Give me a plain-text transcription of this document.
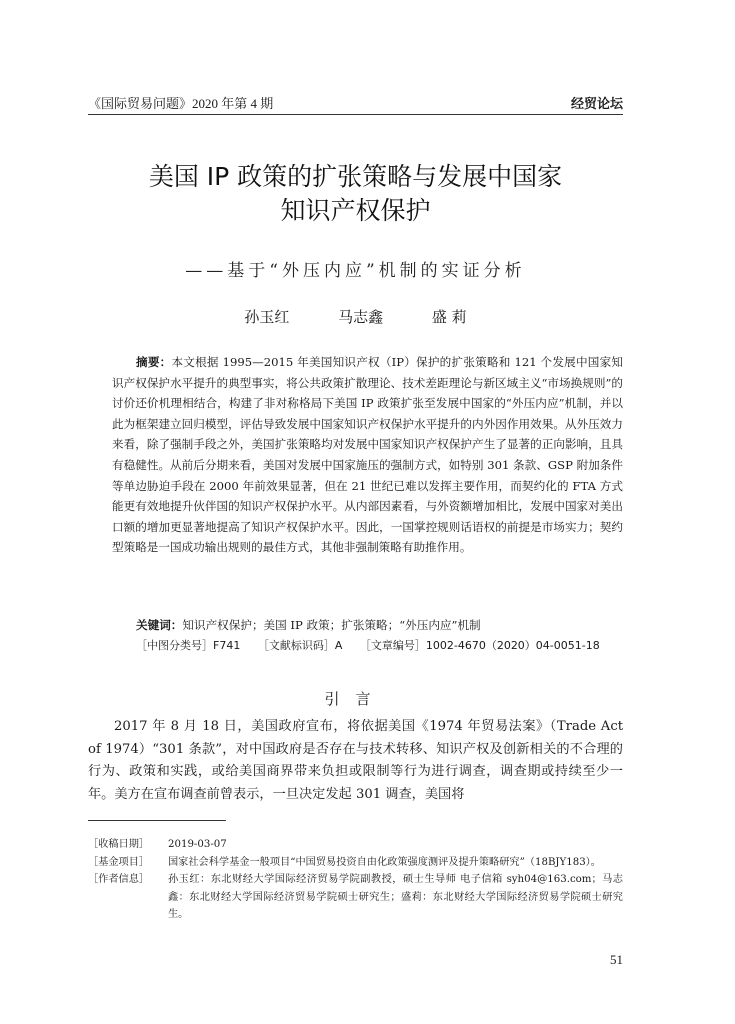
《国际贸易问题》2020 年第 4 期	经贸论坛
美国 IP 政策的扩张策略与发展中国家
知识产权保护
——基于“外压内应”机制的实证分析
孙玉红	马志鑫	盛 莉
摘要：本文根据 1995—2015 年美国知识产权（IP）保护的扩张策略和 121 个发展中国家知识产权保护水平提升的典型事实，将公共政策扩散理论、技术差距理论与新区域主义“市场换规则”的讨价还价机理相结合，构建了非对称格局下美国 IP 政策扩张至发展中国家的“外压内应”机制，并以此为框架建立回归模型，评估导致发展中国家知识产权保护水平提升的内外因作用效果。从外压效力来看，除了强制手段之外，美国扩张策略均对发展中国家知识产权保护产生了显著的正向影响，且具有稳健性。从前后分期来看，美国对发展中国家施压的强制方式，如特别 301 条款、GSP 附加条件等单边胁迫手段在 2000 年前效果显著，但在 21 世纪已难以发挥主要作用，而契约化的 FTA 方式能更有效地提升伙伴国的知识产权保护水平。从内部因素看，与外资额增加相比，发展中国家对美出口额的增加更显著地提高了知识产权保护水平。因此，一国掌控规则话语权的前提是市场实力；契约型策略是一国成功输出规则的最佳方式，其他非强制策略有助推作用。
关键词：知识产权保护；美国 IP 政策；扩张策略；“外压内应”机制
［中图分类号］F741 ［文献标识码］A ［文章编号］1002-4670（2020）04-0051-18
引言

2017 年 8 月 18 日，美国政府宣布，将依据美国《1974 年贸易法案》（Trade Act of 1974）“301 条款”，对中国政府是否存在与技术转移、知识产权及创新相关的不合理的行为、政策和实践，或给美国商界带来负担或限制等行为进行调查，调查期或持续至少一年。美方在宣布调查前曾表示，一旦决定发起 301 调查，美国将

［收稿日期］	2019-03-07
［基金项目］	国家社会科学基金一般项目“中国贸易投资自由化政策强度测评及提升策略研究”（18BJY183）。
［作者信息］	孙玉红：东北财经大学国际经济贸易学院副教授，硕士生导师 电子信箱 syh04@163.com；马志鑫：东北财经大学国际经济贸易学院硕士研究生；盛莉：东北财经大学国际经济贸易学院硕士研究生。
51
